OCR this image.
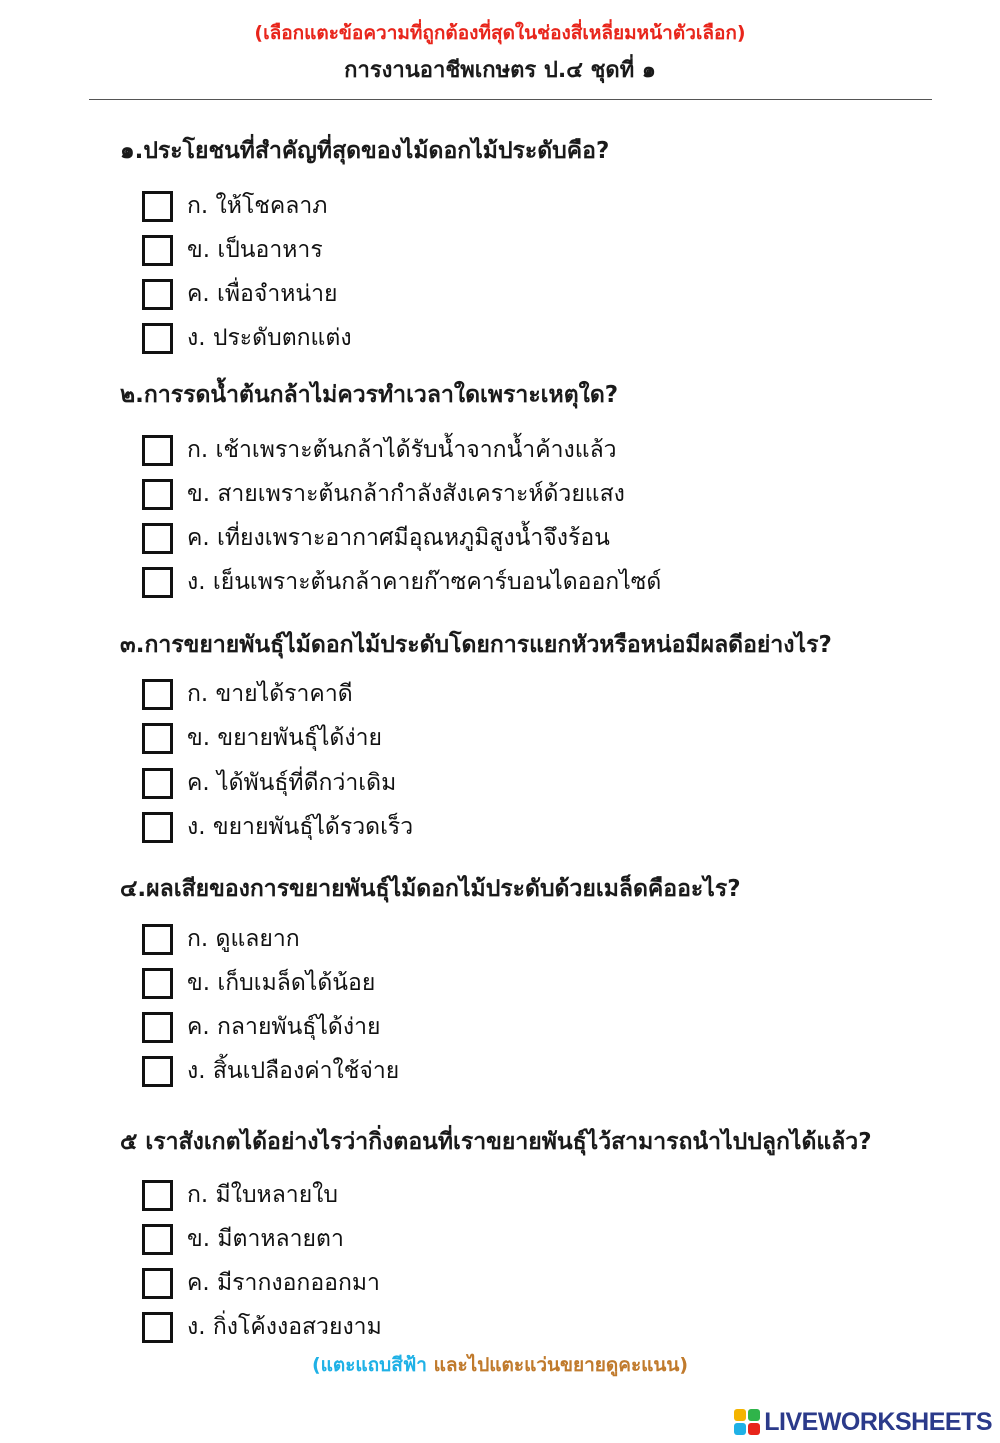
(เลือกแตะข้อความที่ถูกต้องที่สุดในช่องสี่เหลี่ยมหน้าตัวเลือก)
การงานอาชีพเกษตร ป.๔ ชุดที่ ๑
๑.ประโยชนที่สำคัญที่สุดของไม้ดอกไม้ประดับคือ?
ก. ให้โชคลาภ
ข. เป็นอาหาร
ค. เพื่อจำหน่าย
ง. ประดับตกแต่ง
๒.การรดน้ำต้นกล้าไม่ควรทำเวลาใดเพราะเหตุใด?
ก. เช้าเพราะต้นกล้าได้รับน้ำจากน้ำค้างแล้ว
ข. สายเพราะต้นกล้ากำลังสังเคราะห์ด้วยแสง
ค. เที่ยงเพราะอากาศมีอุณหภูมิสูงน้ำจึงร้อน
ง. เย็นเพราะต้นกล้าคายก๊าซคาร์บอนไดออกไซด์
๓.การขยายพันธุ์ไม้ดอกไม้ประดับโดยการแยกหัวหรือหน่อมีผลดีอย่างไร?
ก. ขายได้ราคาดี
ข. ขยายพันธุ์ได้ง่าย
ค. ได้พันธุ์ที่ดีกว่าเดิม
ง. ขยายพันธุ์ได้รวดเร็ว
๔.ผลเสียของการขยายพันธุ์ไม้ดอกไม้ประดับด้วยเมล็ดคืออะไร?
ก. ดูแลยาก
ข. เก็บเมล็ดได้น้อย
ค. กลายพันธุ์ได้ง่าย
ง. สิ้นเปลืองค่าใช้จ่าย
๕ เราสังเกตได้อย่างไรว่ากิ่งตอนที่เราขยายพันธุ์ไว้สามารถนำไปปลูกได้แล้ว?
ก. มีใบหลายใบ
ข. มีตาหลายตา
ค. มีรากงอกออกมา
ง. กิ่งโค้งงอสวยงาม
(แตะแถบสีฟ้า และไปแตะแว่นขยายดูคะแนน)
LIVEWORKSHEETS
